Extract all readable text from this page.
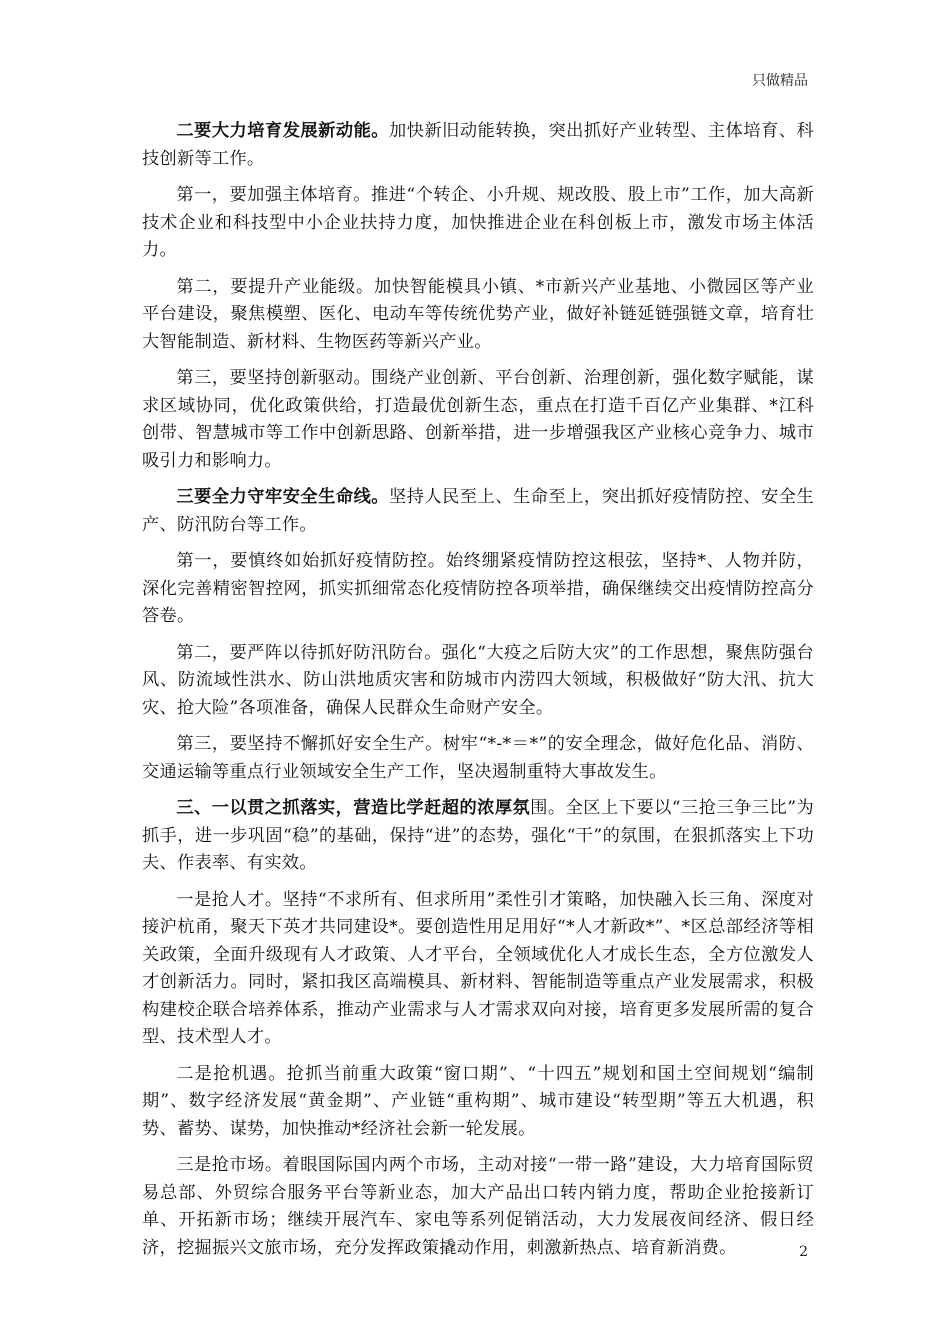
只做精品

二要大力培育发展新动能。加快新旧动能转换，突出抓好产业转型、主体培育、科技创新等工作。

第一，要加强主体培育。推进“个转企、小升规、规改股、股上市”工作，加大高新技术企业和科技型中小企业扶持力度，加快推进企业在科创板上市，激发市场主体活力。

第二，要提升产业能级。加快智能模具小镇、*市新兴产业基地、小微园区等产业平台建设，聚焦模塑、医化、电动车等传统优势产业，做好补链延链强链文章，培育壮大智能制造、新材料、生物医药等新兴产业。

第三，要坚持创新驱动。围绕产业创新、平台创新、治理创新，强化数字赋能，谋求区域协同，优化政策供给，打造最优创新生态，重点在打造千百亿产业集群、*江科创带、智慧城市等工作中创新思路、创新举措，进一步增强我区产业核心竞争力、城市吸引力和影响力。

三要全力守牢安全生命线。坚持人民至上、生命至上，突出抓好疫情防控、安全生产、防汛防台等工作。

第一，要慎终如始抓好疫情防控。始终绷紧疫情防控这根弦，坚持*、人物并防，深化完善精密智控网，抓实抓细常态化疫情防控各项举措，确保继续交出疫情防控高分答卷。

第二，要严阵以待抓好防汛防台。强化“大疫之后防大灾”的工作思想，聚焦防强台风、防流域性洪水、防山洪地质灾害和防城市内涝四大领域，积极做好“防大汛、抗大灾、抢大险”各项准备，确保人民群众生命财产安全。

第三，要坚持不懈抓好安全生产。树牢“*-*＝*”的安全理念，做好危化品、消防、交通运输等重点行业领域安全生产工作，坚决遏制重特大事故发生。

三、一以贯之抓落实，营造比学赶超的浓厚氛围。全区上下要以“三抢三争三比”为抓手，进一步巩固“稳”的基础，保持“进”的态势，强化“干”的氛围，在狠抓落实上下功夫、作表率、有实效。

一是抢人才。坚持“不求所有、但求所用”柔性引才策略，加快融入长三角、深度对接沪杭甬，聚天下英才共同建设*。要创造性用足用好“*人才新政*”、*区总部经济等相关政策，全面升级现有人才政策、人才平台，全领域优化人才成长生态，全方位激发人才创新活力。同时，紧扣我区高端模具、新材料、智能制造等重点产业发展需求，积极构建校企联合培养体系，推动产业需求与人才需求双向对接，培育更多发展所需的复合型、技术型人才。

二是抢机遇。抢抓当前重大政策“窗口期”、“十四五”规划和国土空间规划“编制期”、数字经济发展“黄金期”、产业链“重构期”、城市建设“转型期”等五大机遇，积势、蓄势、谋势，加快推动*经济社会新一轮发展。

三是抢市场。着眼国际国内两个市场，主动对接“一带一路”建设，大力培育国际贸易总部、外贸综合服务平台等新业态，加大产品出口转内销力度，帮助企业抢接新订单、开拓新市场；继续开展汽车、家电等系列促销活动，大力发展夜间经济、假日经济，挖掘振兴文旅市场，充分发挥政策撬动作用，刺激新热点、培育新消费。	2
